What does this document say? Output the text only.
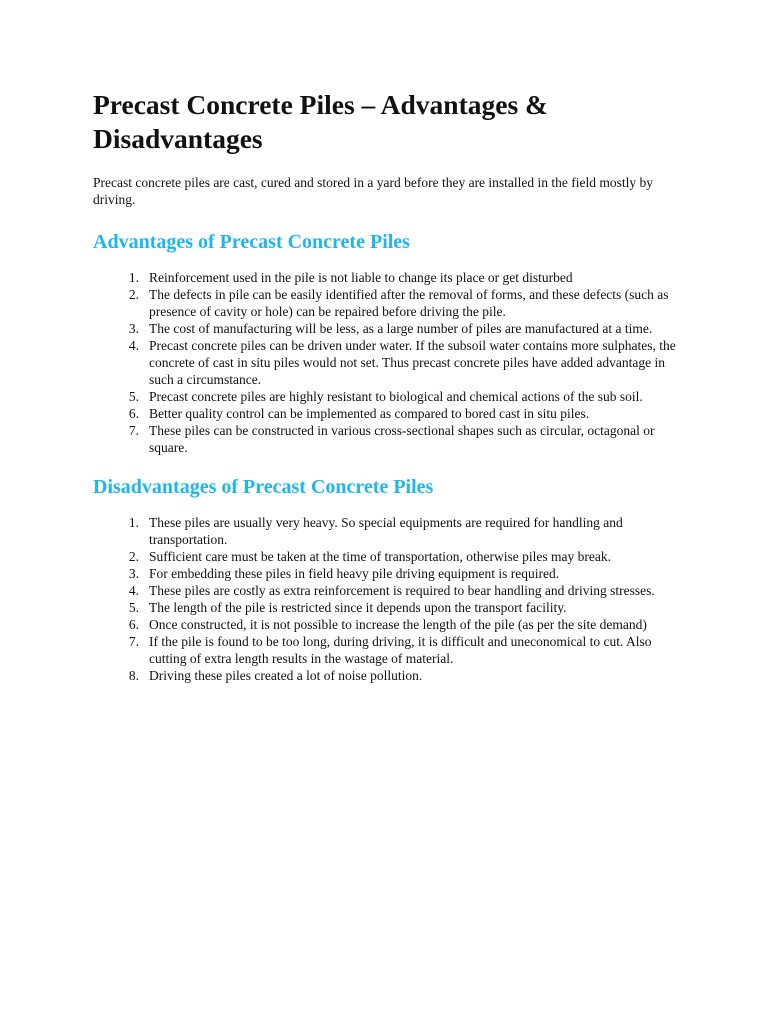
Precast Concrete Piles – Advantages & Disadvantages

Precast concrete piles are cast, cured and stored in a yard before they are installed in the field mostly by driving.

Advantages of Precast Concrete Piles
1. Reinforcement used in the pile is not liable to change its place or get disturbed
2. The defects in pile can be easily identified after the removal of forms, and these defects (such as presence of cavity or hole) can be repaired before driving the pile.
3. The cost of manufacturing will be less, as a large number of piles are manufactured at a time.
4. Precast concrete piles can be driven under water. If the subsoil water contains more sulphates, the concrete of cast in situ piles would not set. Thus precast concrete piles have added advantage in such a circumstance.
5. Precast concrete piles are highly resistant to biological and chemical actions of the sub soil.
6. Better quality control can be implemented as compared to bored cast in situ piles.
7. These piles can be constructed in various cross-sectional shapes such as circular, octagonal or square.
Disadvantages of Precast Concrete Piles
1. These piles are usually very heavy. So special equipments are required for handling and transportation.
2. Sufficient care must be taken at the time of transportation, otherwise piles may break.
3. For embedding these piles in field heavy pile driving equipment is required.
4. These piles are costly as extra reinforcement is required to bear handling and driving stresses.
5. The length of the pile is restricted since it depends upon the transport facility.
6. Once constructed, it is not possible to increase the length of the pile (as per the site demand)
7. If the pile is found to be too long, during driving, it is difficult and uneconomical to cut. Also cutting of extra length results in the wastage of material.
8. Driving these piles created a lot of noise pollution.
